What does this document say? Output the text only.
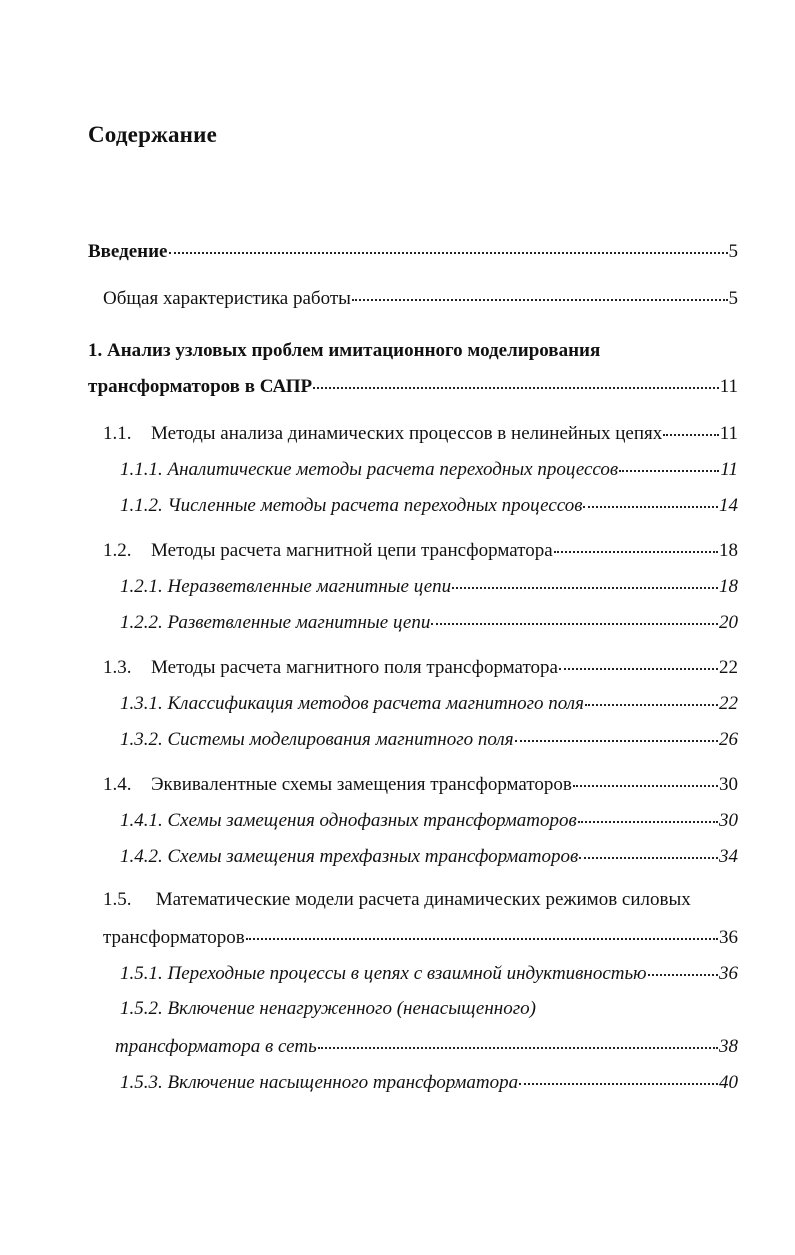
Содержание
Введение	5
Общая характеристика работы	5
1. Анализ узловых проблем имитационного моделирования
трансформаторов в САПР	11
1.1.	Методы анализа динамических процессов в нелинейных цепях	11
1.1.1. Аналитические методы расчета переходных процессов	11
1.1.2. Численные методы расчета переходных процессов	14
1.2.	Методы расчета магнитной цепи трансформатора	18
1.2.1. Неразветвленные магнитные цепи	18
1.2.2. Разветвленные магнитные цепи	20
1.3.	Методы расчета магнитного поля трансформатора	22
1.3.1. Классификация методов расчета магнитного поля	22
1.3.2. Системы моделирования магнитного поля	26
1.4.	Эквивалентные схемы замещения трансформаторов	30
1.4.1. Схемы замещения однофазных трансформаторов	30
1.4.2. Схемы замещения трехфазных трансформаторов	34
1.5. Математические модели расчета динамических режимов силовых
трансформаторов	36
1.5.1. Переходные процессы в цепях с взаимной индуктивностью	36
1.5.2. Включение ненагруженного (ненасыщенного)
трансформатора в сеть	38
1.5.3. Включение насыщенного трансформатора	40
